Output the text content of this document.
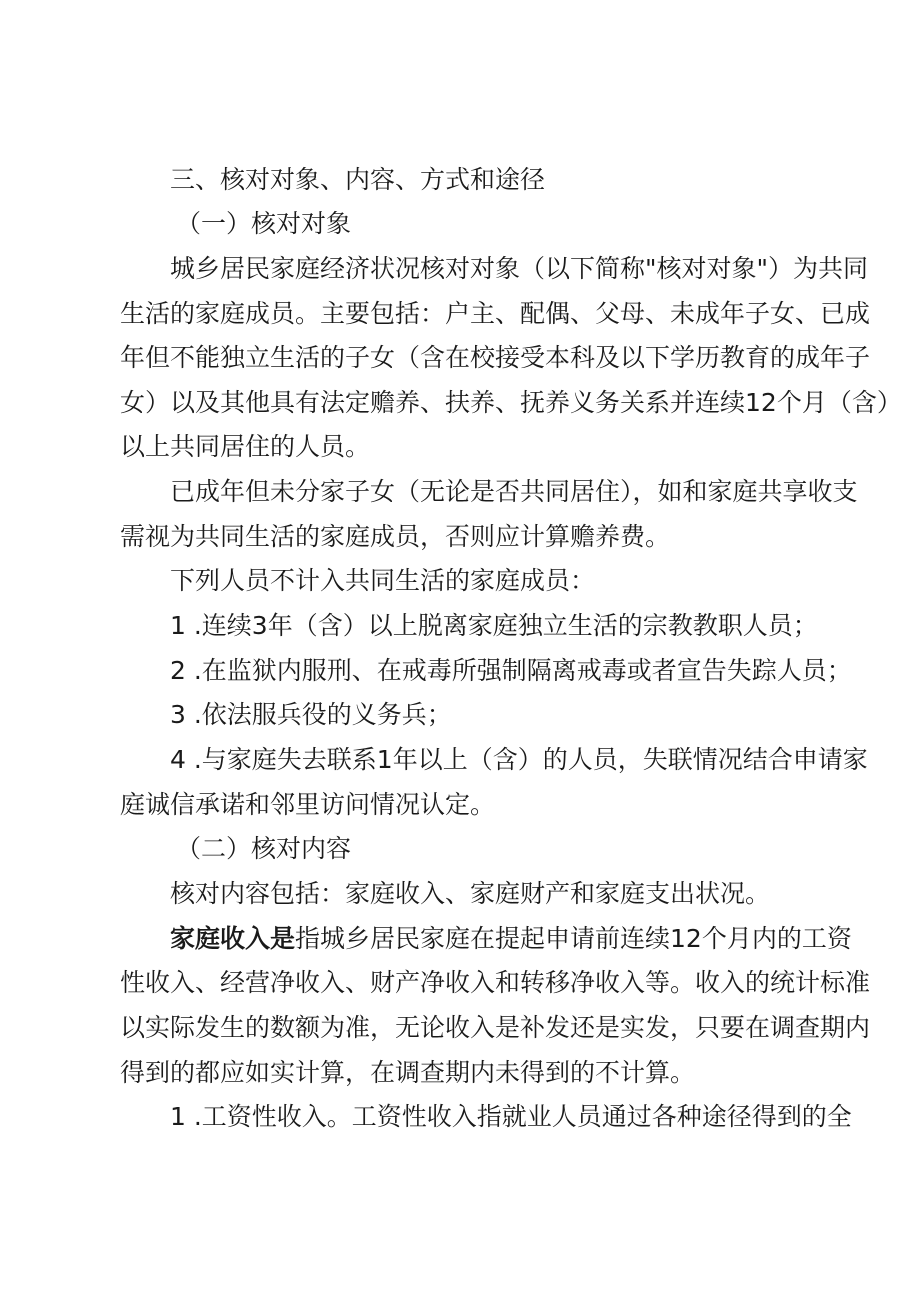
三、核对对象、内容、方式和途径
（一）核对对象
城乡居民家庭经济状况核对对象（以下简称"核对对象"）为共同
生活的家庭成员。主要包括：户主、配偶、父母、未成年子女、已成
年但不能独立生活的子女（含在校接受本科及以下学历教育的成年子
女）以及其他具有法定赡养、扶养、抚养义务关系并连续12个月（含）
以上共同居住的人员。
已成年但未分家子女（无论是否共同居住），如和家庭共享收支
需视为共同生活的家庭成员，否则应计算赡养费。
下列人员不计入共同生活的家庭成员：
1 .连续3年（含）以上脱离家庭独立生活的宗教教职人员；
2 .在监狱内服刑、在戒毒所强制隔离戒毒或者宣告失踪人员；
3 .依法服兵役的义务兵；
4 .与家庭失去联系1年以上（含）的人员，失联情况结合申请家
庭诚信承诺和邻里访问情况认定。
（二）核对内容
核对内容包括：家庭收入、家庭财产和家庭支出状况。
家庭收入是指城乡居民家庭在提起申请前连续12个月内的工资
性收入、经营净收入、财产净收入和转移净收入等。收入的统计标准
以实际发生的数额为准，无论收入是补发还是实发，只要在调查期内
得到的都应如实计算，在调查期内未得到的不计算。
1 .工资性收入。工资性收入指就业人员通过各种途径得到的全
